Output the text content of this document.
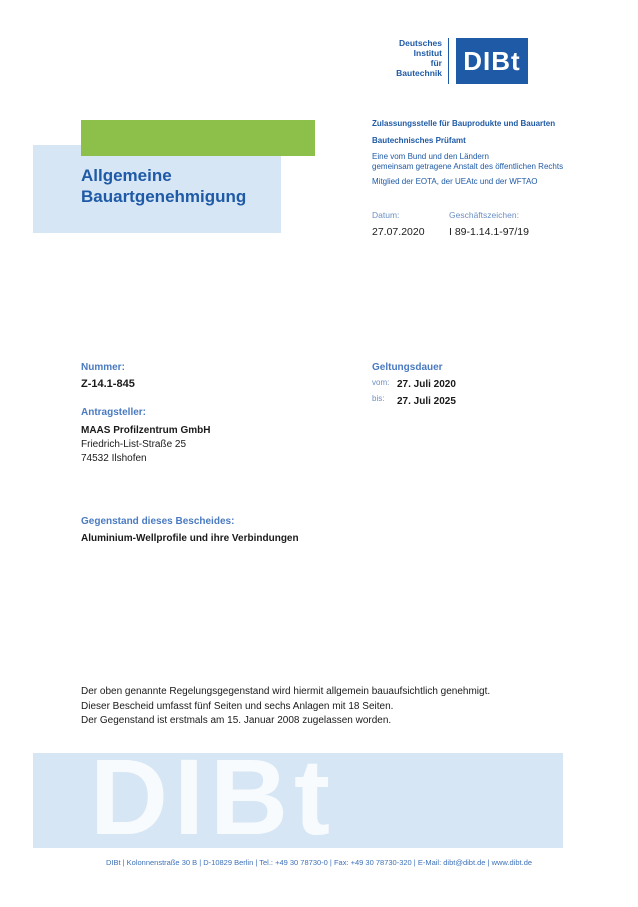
Deutsches
Institut
für
Bautechnik DIBt
Zulassungsstelle für Bauprodukte und Bauarten
Bautechnisches Prüfamt
Eine vom Bund und den Ländern
gemeinsam getragene Anstalt des öffentlichen Rechts
Mitglied der EOTA, der UEAtc und der WFTAO
Datum:
27.07.2020
Geschäftszeichen:
I 89-1.14.1-97/19
Allgemeine
Bauartgenehmigung
Nummer:
Z-14.1-845
Geltungsdauer
vom: 27. Juli 2020
bis: 27. Juli 2025
Antragsteller:
MAAS Profilzentrum GmbH
Friedrich-List-Straße 25
74532 Ilshofen
Gegenstand dieses Bescheides:
Aluminium-Wellprofile und ihre Verbindungen
Der oben genannte Regelungsgegenstand wird hiermit allgemein bauaufsichtlich genehmigt.
Dieser Bescheid umfasst fünf Seiten und sechs Anlagen mit 18 Seiten.
Der Gegenstand ist erstmals am 15. Januar 2008 zugelassen worden.
DIBt
DIBt | Kolonnenstraße 30 B | D-10829 Berlin | Tel.: +49 30 78730-0 | Fax: +49 30 78730-320 | E-Mail: dibt@dibt.de | www.dibt.de
